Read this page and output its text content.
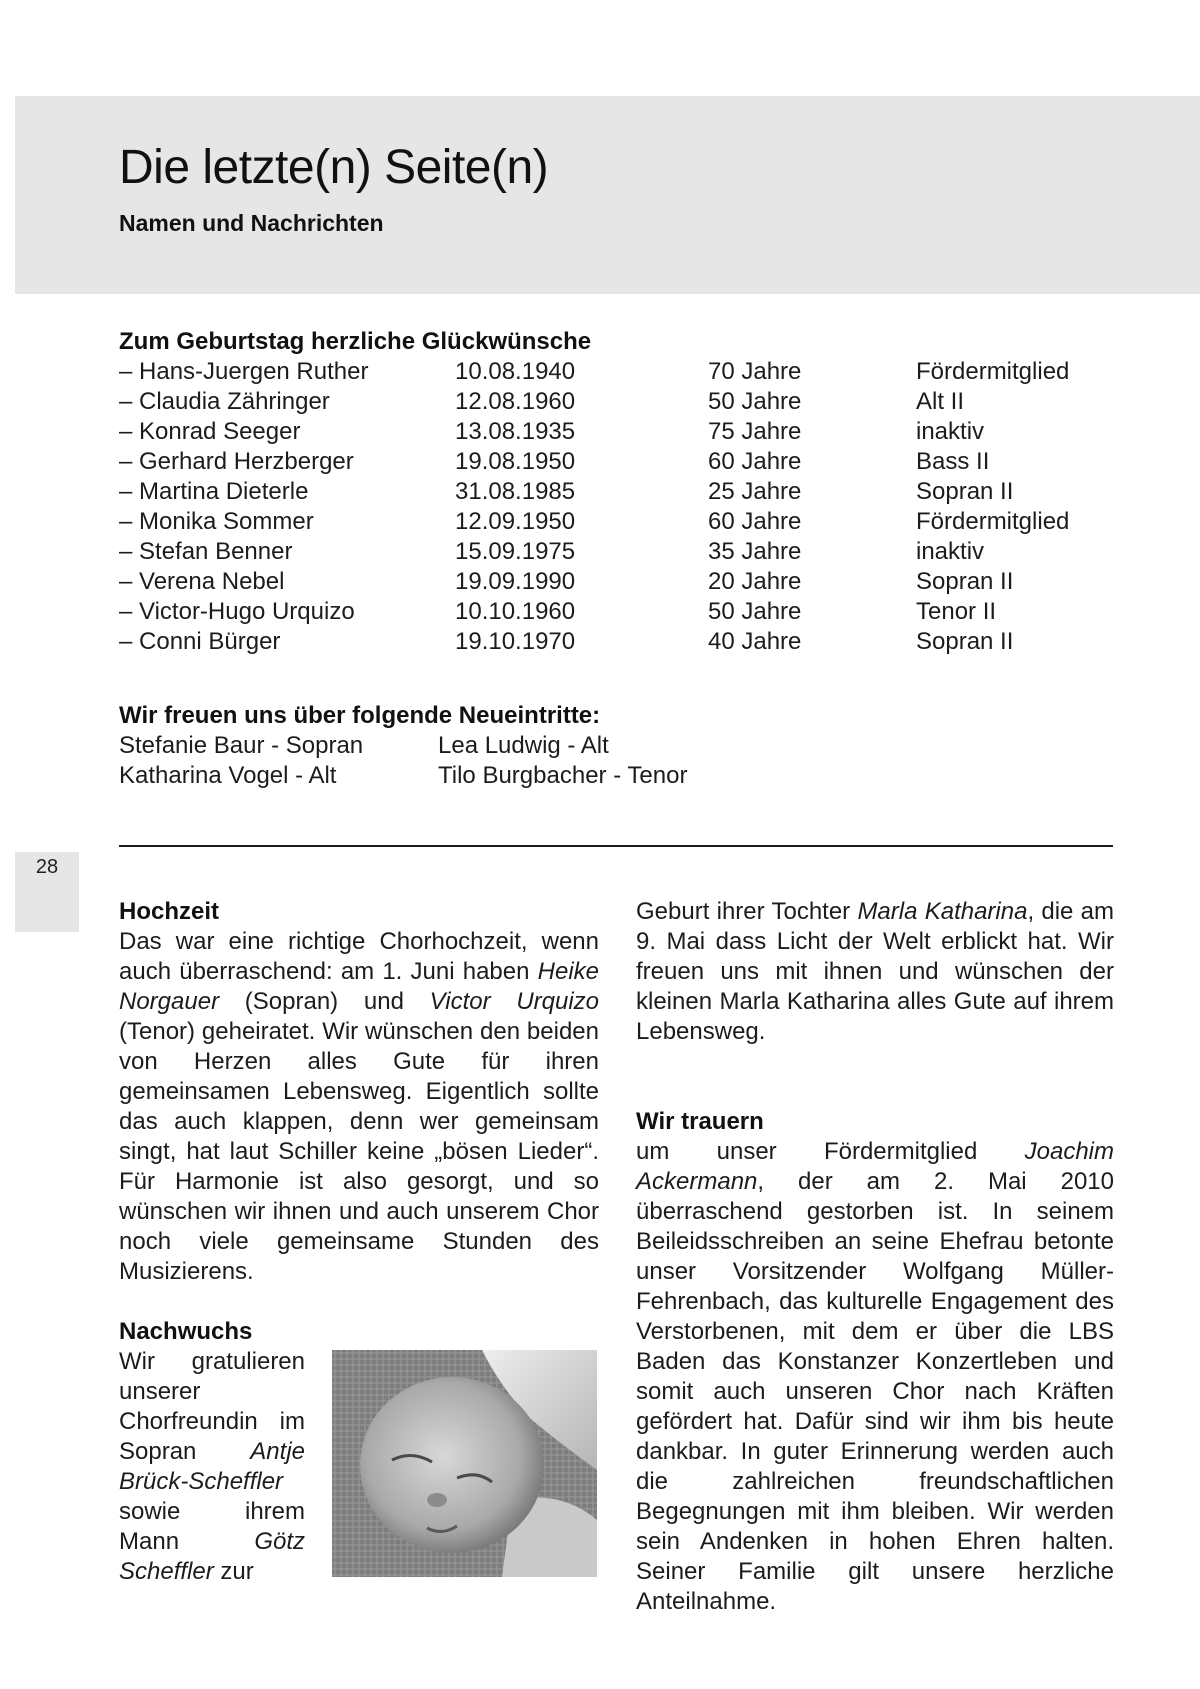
Die letzte(n) Seite(n)
Namen und Nachrichten

Zum Geburtstag herzliche Glückwünsche

– Hans-Juergen Ruther	10.08.1940	70 Jahre	Fördermitglied
– Claudia Zähringer	12.08.1960	50 Jahre	Alt II
– Konrad Seeger	13.08.1935	75 Jahre	inaktiv
– Gerhard Herzberger	19.08.1950	60 Jahre	Bass II
– Martina Dieterle	31.08.1985	25 Jahre	Sopran II
– Monika Sommer	12.09.1950	60 Jahre	Fördermitglied
– Stefan Benner	15.09.1975	35 Jahre	inaktiv
– Verena Nebel	19.09.1990	20 Jahre	Sopran II
– Victor-Hugo Urquizo	10.10.1960	50 Jahre	Tenor II
– Conni Bürger	19.10.1970	40 Jahre	Sopran II

Wir freuen uns über folgende Neueintritte:

Stefanie Baur - Sopran	Lea Ludwig - Alt
Katharina Vogel - Alt	Tilo Burgbacher - Tenor
28

Hochzeit

Das war eine richtige Chorhochzeit, wenn auch überraschend: am 1. Juni haben Heike Norgauer (Sopran) und Victor Urquizo (Tenor) geheiratet. Wir wünschen den beiden von Herzen alles Gute für ihren gemeinsamen Lebensweg. Eigentlich sollte das auch klappen, denn wer gemeinsam singt, hat laut Schiller keine „bösen Lieder“. Für Harmonie ist also gesorgt, und so wünschen wir ihnen und auch unserem Chor noch viele gemeinsame Stunden des Musizierens.

Nachwuchs

Wir gratulieren unserer Chorfreundin im Sopran Antje Brück-Scheffler sowie ihrem Mann Götz Scheffler zur

Geburt ihrer Tochter Marla Katharina, die am 9. Mai dass Licht der Welt erblickt hat. Wir freuen uns mit ihnen und wünschen der kleinen Marla Katharina alles Gute auf ihrem Lebensweg.

Wir trauern

um unser Fördermitglied Joachim Ackermann, der am 2. Mai 2010 überraschend gestorben ist. In seinem Beileidsschreiben an seine Ehefrau betonte unser Vorsitzender Wolfgang Müller-Fehrenbach, das kulturelle Engagement des Verstorbenen, mit dem er über die LBS Baden das Konstanzer Konzertleben und somit auch unseren Chor nach Kräften gefördert hat. Dafür sind wir ihm bis heute dankbar. In guter Erinnerung werden auch die zahlreichen freundschaftlichen Begegnungen mit ihm bleiben. Wir werden sein Andenken in hohen Ehren halten. Seiner Familie gilt unsere herzliche Anteilnahme.
